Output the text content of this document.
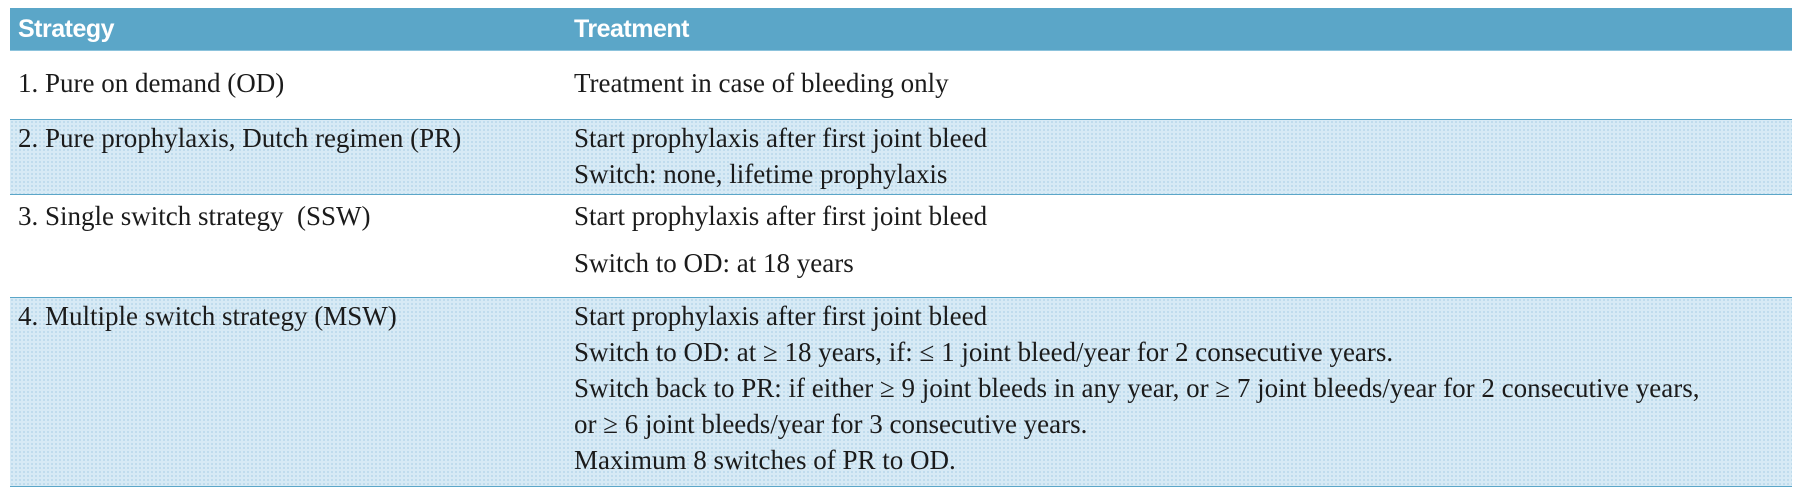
Strategy	Treatment
1. Pure on demand (OD)	Treatment in case of bleeding only
2. Pure prophylaxis, Dutch regimen (PR)	Start prophylaxis after first joint bleed
Switch: none, lifetime prophylaxis
3. Single switch strategy  (SSW)	Start prophylaxis after first joint bleed
Switch to OD: at 18 years
4. Multiple switch strategy (MSW)	Start prophylaxis after first joint bleed
Switch to OD: at ≥ 18 years, if: ≤ 1 joint bleed/year for 2 consecutive years.
Switch back to PR: if either ≥ 9 joint bleeds in any year, or ≥ 7 joint bleeds/year for 2 consecutive years,
or ≥ 6 joint bleeds/year for 3 consecutive years.
Maximum 8 switches of PR to OD.
